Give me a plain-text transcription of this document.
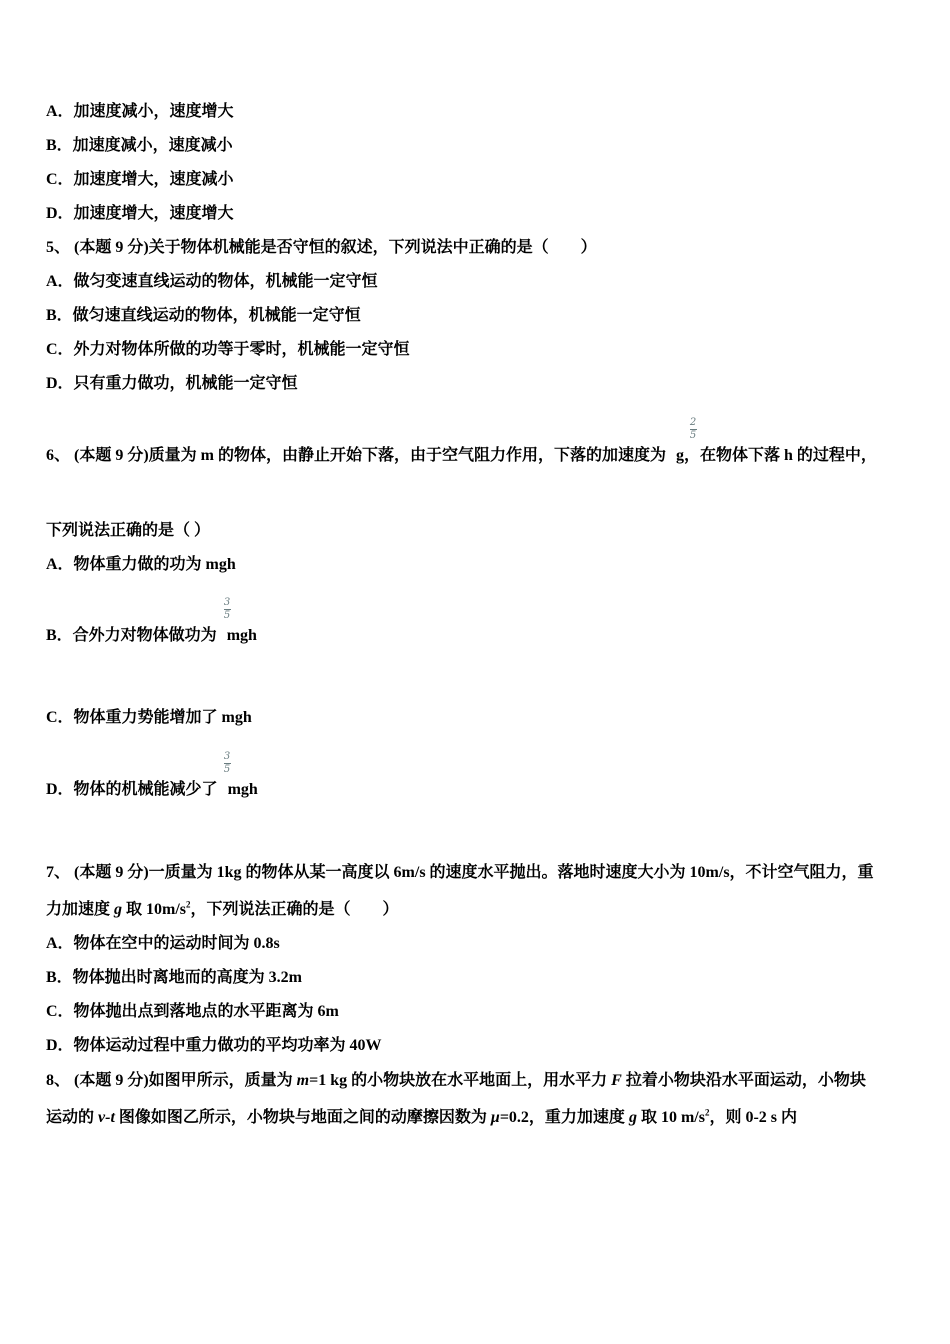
A．加速度减小，速度增大
B．加速度减小，速度减小
C．加速度增大，速度减小
D．加速度增大，速度增大
5、 (本题 9 分)关于物体机械能是否守恒的叙述，下列说法中正确的是（　　）
A．做匀变速直线运动的物体，机械能一定守恒
B．做匀速直线运动的物体，机械能一定守恒
C．外力对物体所做的功等于零时，机械能一定守恒
D．只有重力做功，机械能一定守恒
2
5
6、 (本题 9 分)质量为 m 的物体，由静止开始下落，由于空气阻力作用，下落的加速度为 g，在物体下落 h 的过程中，
下列说法正确的是（ ）
A．物体重力做的功为 mgh
3
5
B．合外力对物体做功为 mgh
C．物体重力势能增加了 mgh
3
5
D．物体的机械能减少了 mgh
7、 (本题 9 分)一质量为 1kg 的物体从某一高度以 6m/s 的速度水平抛出。落地时速度大小为 10m/s，不计空气阻力，重
力加速度 g 取 $10m/s^2$，下列说法正确的是（　　）
A．物体在空中的运动时间为 0.8s
B．物体抛出时离地而的高度为 3.2m
C．物体抛出点到落地点的水平距离为 6m
D．物体运动过程中重力做功的平均功率为 40W
8、 (本题 9 分)如图甲所示，质量为 m=1 kg 的小物块放在水平地面上，用水平力 F 拉着小物块沿水平面运动，小物块
运动的 v-t 图像如图乙所示，小物块与地面之间的动摩擦因数为 μ=0.2，重力加速度 g 取 10 $m/s^2$，则 0-2 s 内
